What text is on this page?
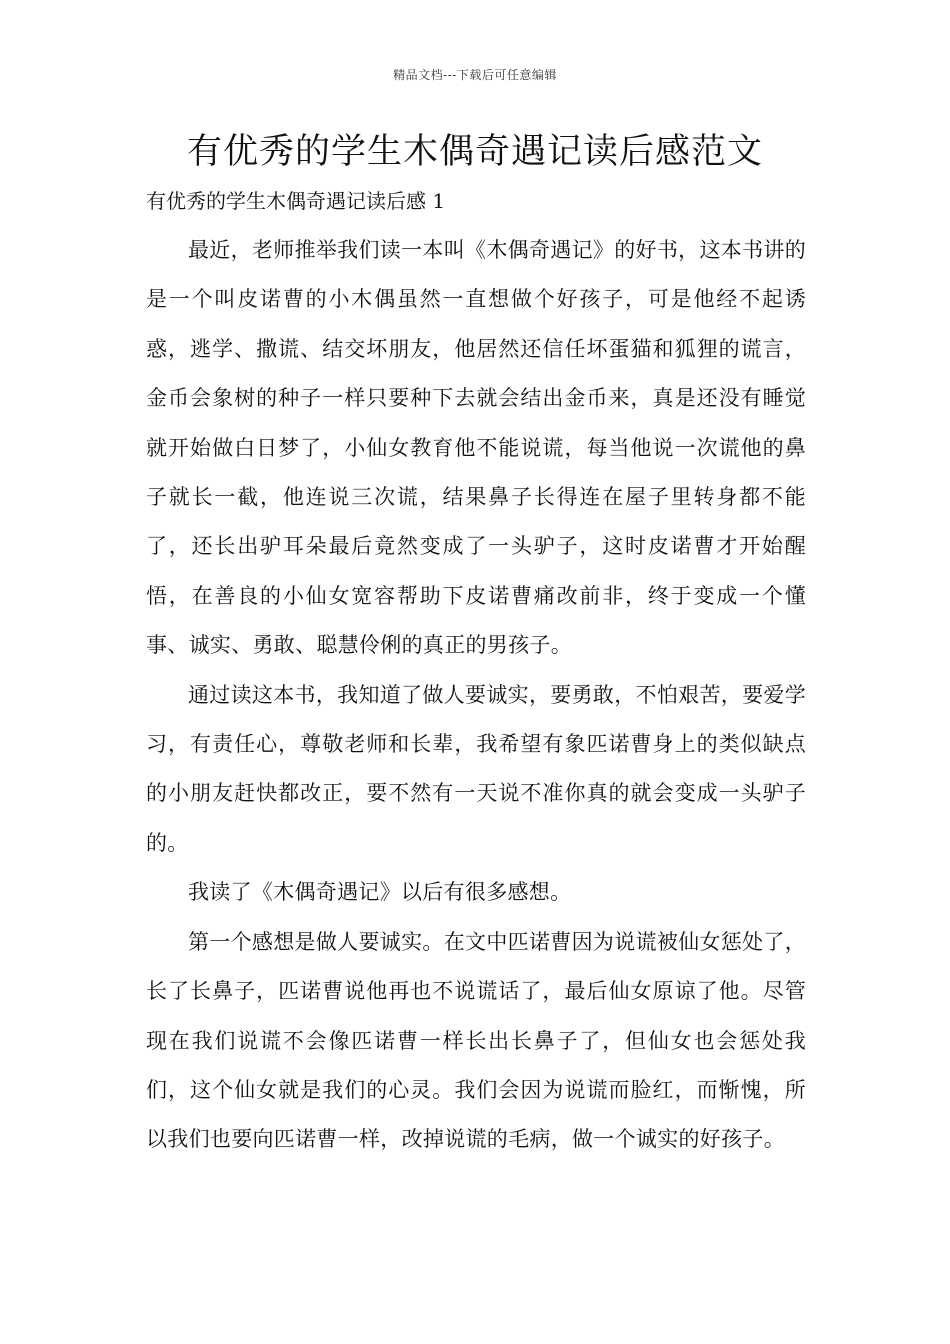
精品文档---下载后可任意编辑
有优秀的学生木偶奇遇记读后感范文
有优秀的学生木偶奇遇记读后感 1

最近，老师推举我们读一本叫《木偶奇遇记》的好书，这本书讲的是一个叫皮诺曹的小木偶虽然一直想做个好孩子，可是他经不起诱惑，逃学、撒谎、结交坏朋友，他居然还信任坏蛋猫和狐狸的谎言，金币会象树的种子一样只要种下去就会结出金币来，真是还没有睡觉就开始做白日梦了，小仙女教育他不能说谎，每当他说一次谎他的鼻子就长一截，他连说三次谎，结果鼻子长得连在屋子里转身都不能了，还长出驴耳朵最后竟然变成了一头驴子，这时皮诺曹才开始醒悟，在善良的小仙女宽容帮助下皮诺曹痛改前非，终于变成一个懂事、诚实、勇敢、聪慧伶俐的真正的男孩子。

通过读这本书，我知道了做人要诚实，要勇敢，不怕艰苦，要爱学习，有责任心，尊敬老师和长辈，我希望有象匹诺曹身上的类似缺点的小朋友赶快都改正，要不然有一天说不准你真的就会变成一头驴子的。

我读了《木偶奇遇记》以后有很多感想。

第一个感想是做人要诚实。在文中匹诺曹因为说谎被仙女惩处了，长了长鼻子，匹诺曹说他再也不说谎话了，最后仙女原谅了他。尽管现在我们说谎不会像匹诺曹一样长出长鼻子了，但仙女也会惩处我们，这个仙女就是我们的心灵。我们会因为说谎而脸红，而惭愧，所以我们也要向匹诺曹一样，改掉说谎的毛病，做一个诚实的好孩子。
